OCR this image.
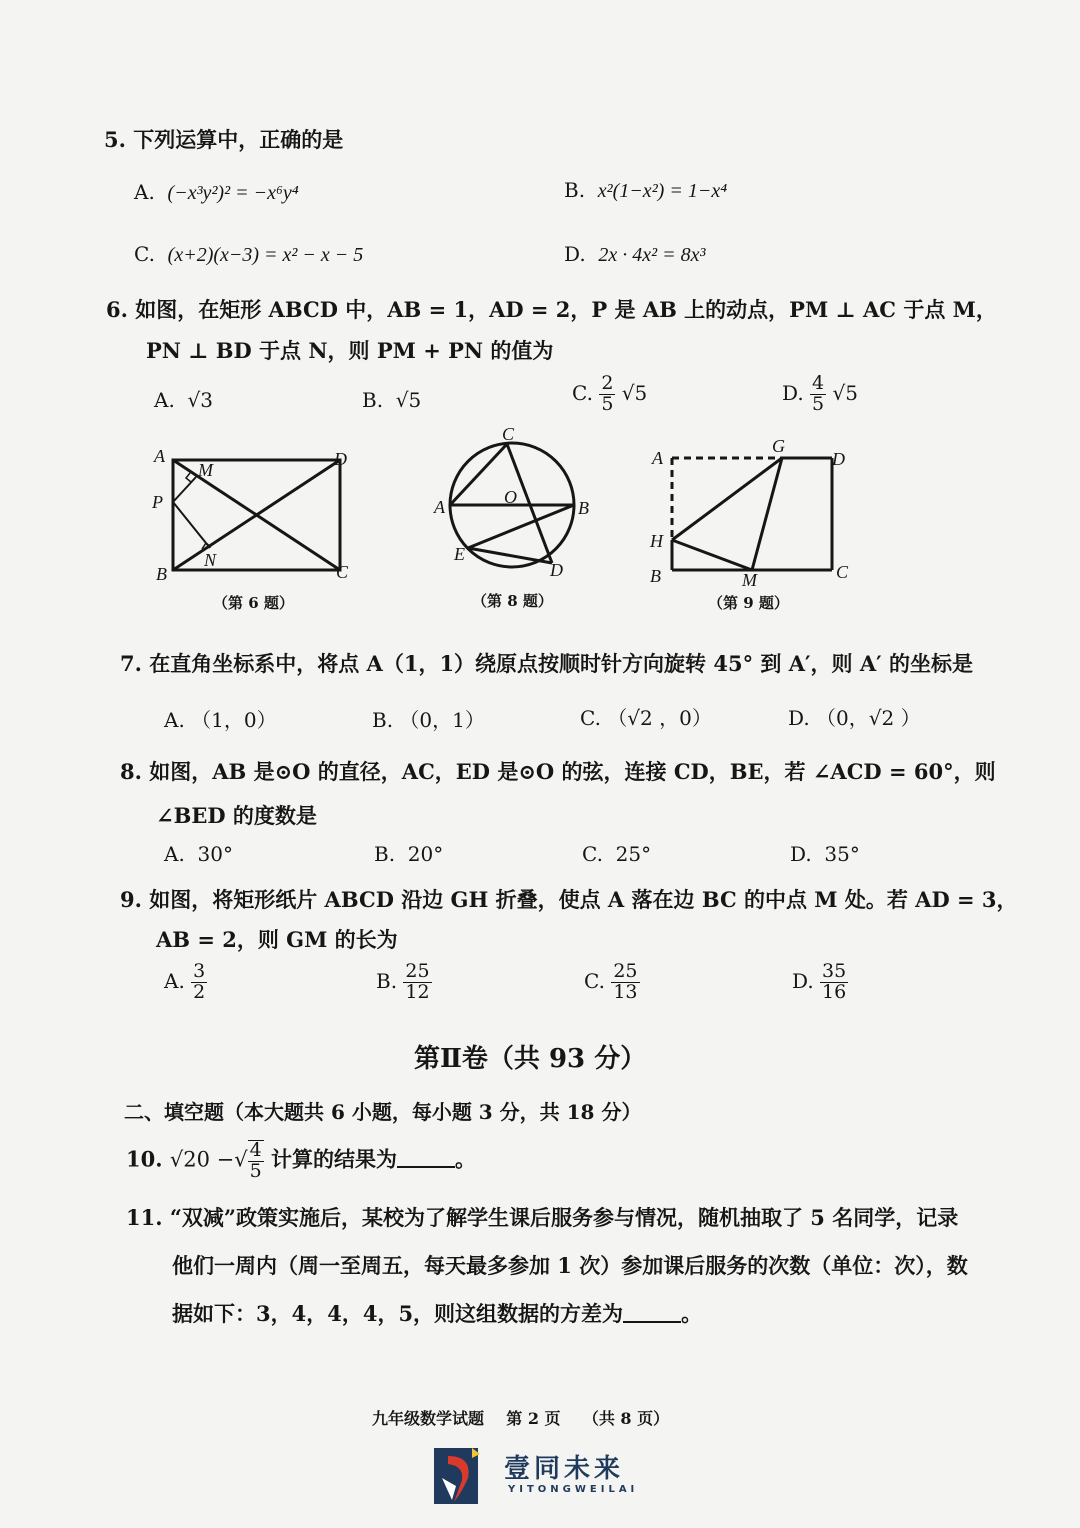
5. 下列运算中，正确的是
A. (−x³y²)² = −x⁶y⁴	B. x²(1−x²) = 1−x⁴
C. (x+2)(x−3) = x² − x − 5	D. 2x · 4x² = 8x³
6. 如图，在矩形 ABCD 中，AB = 1，AD = 2，P 是 AB 上的动点，PM ⊥ AC 于点 M，
PN ⊥ BD 于点 N，则 PM + PN 的值为
A. √3	B. √5	C. $\frac{2}{5} √5$	D. $\frac{4}{5} √5$
A
M
P
N
B
D
C
（第 6 题）
C
A	O
B
E
D
（第 8 题）
A
G
D
H
B	M	C
（第 9 题）
7. 在直角坐标系中，将点 A（1，1）绕原点按顺时针方向旋转 45° 到 A′，则 A′ 的坐标是
A. （1，0）	B. （0，1）	C. （√2 ，0）	D. （0，√2 ）
8. 如图，AB 是⊙O 的直径，AC，ED 是⊙O 的弦，连接 CD，BE，若 ∠ACD = 60°，则
∠BED 的度数是
A. 30°	B. 20°	C. 25°	D. 35°
9. 如图，将矩形纸片 ABCD 沿边 GH 折叠，使点 A 落在边 BC 的中点 M 处。若 AD = 3，
AB = 2，则 GM 的长为
A. $\frac{3}{2}$	B. $\frac{25}{12}$	C. $\frac{25}{13}$	D. $\frac{35}{16}$
第Ⅱ卷（共 93 分）
二、填空题（本大题共 6 小题，每小题 3 分，共 18 分）
10. √20 −√ $\frac{4}{5}$ 计算的结果为	。
11. “双减”政策实施后，某校为了解学生课后服务参与情况，随机抽取了 5 名同学，记录
他们一周内（周一至周五，每天最多参加 1 次）参加课后服务的次数（单位：次），数
据如下：3，4，4，4，5，则这组数据的方差为	。
九年级数学试题    第 2 页    （共 8 页）
壹同未来
YITONGWEILAI
